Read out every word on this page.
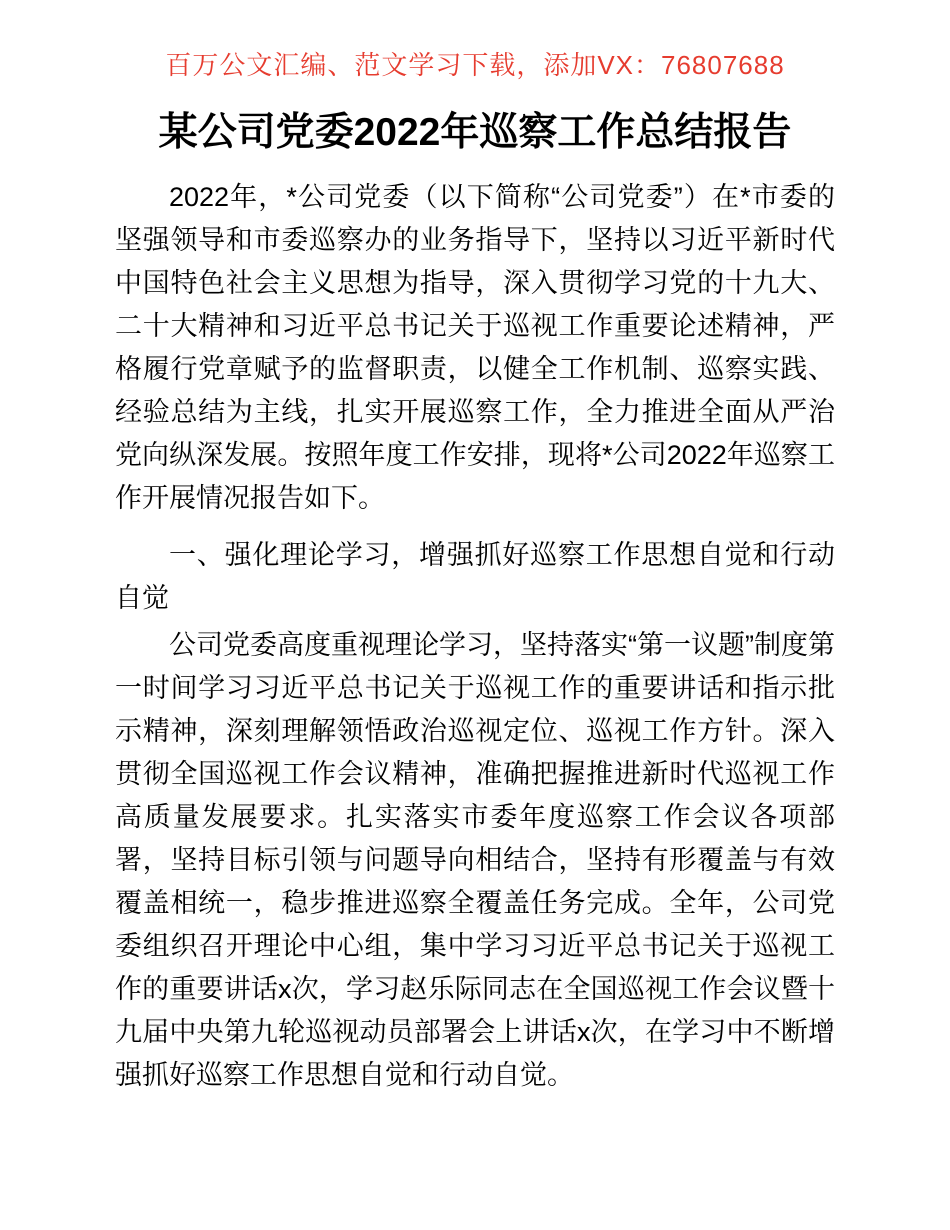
百万公文汇编、范文学习下载，添加VX：76807688
某公司党委2022年巡察工作总结报告

2022年，*公司党委（以下简称“公司党委”）在*市委的坚强领导和市委巡察办的业务指导下，坚持以习近平新时代中国特色社会主义思想为指导，深入贯彻学习党的十九大、二十大精神和习近平总书记关于巡视工作重要论述精神，严格履行党章赋予的监督职责，以健全工作机制、巡察实践、经验总结为主线，扎实开展巡察工作，全力推进全面从严治党向纵深发展。按照年度工作安排，现将*公司2022年巡察工作开展情况报告如下。

一、强化理论学习，增强抓好巡察工作思想自觉和行动自觉

公司党委高度重视理论学习，坚持落实“第一议题”制度第一时间学习习近平总书记关于巡视工作的重要讲话和指示批示精神，深刻理解领悟政治巡视定位、巡视工作方针。深入贯彻全国巡视工作会议精神，准确把握推进新时代巡视工作高质量发展要求。扎实落实市委年度巡察工作会议各项部署，坚持目标引领与问题导向相结合，坚持有形覆盖与有效覆盖相统一，稳步推进巡察全覆盖任务完成。全年，公司党委组织召开理论中心组，集中学习习近平总书记关于巡视工作的重要讲话x次，学习赵乐际同志在全国巡视工作会议暨十九届中央第九轮巡视动员部署会上讲话x次，在学习中不断增强抓好巡察工作思想自觉和行动自觉。
